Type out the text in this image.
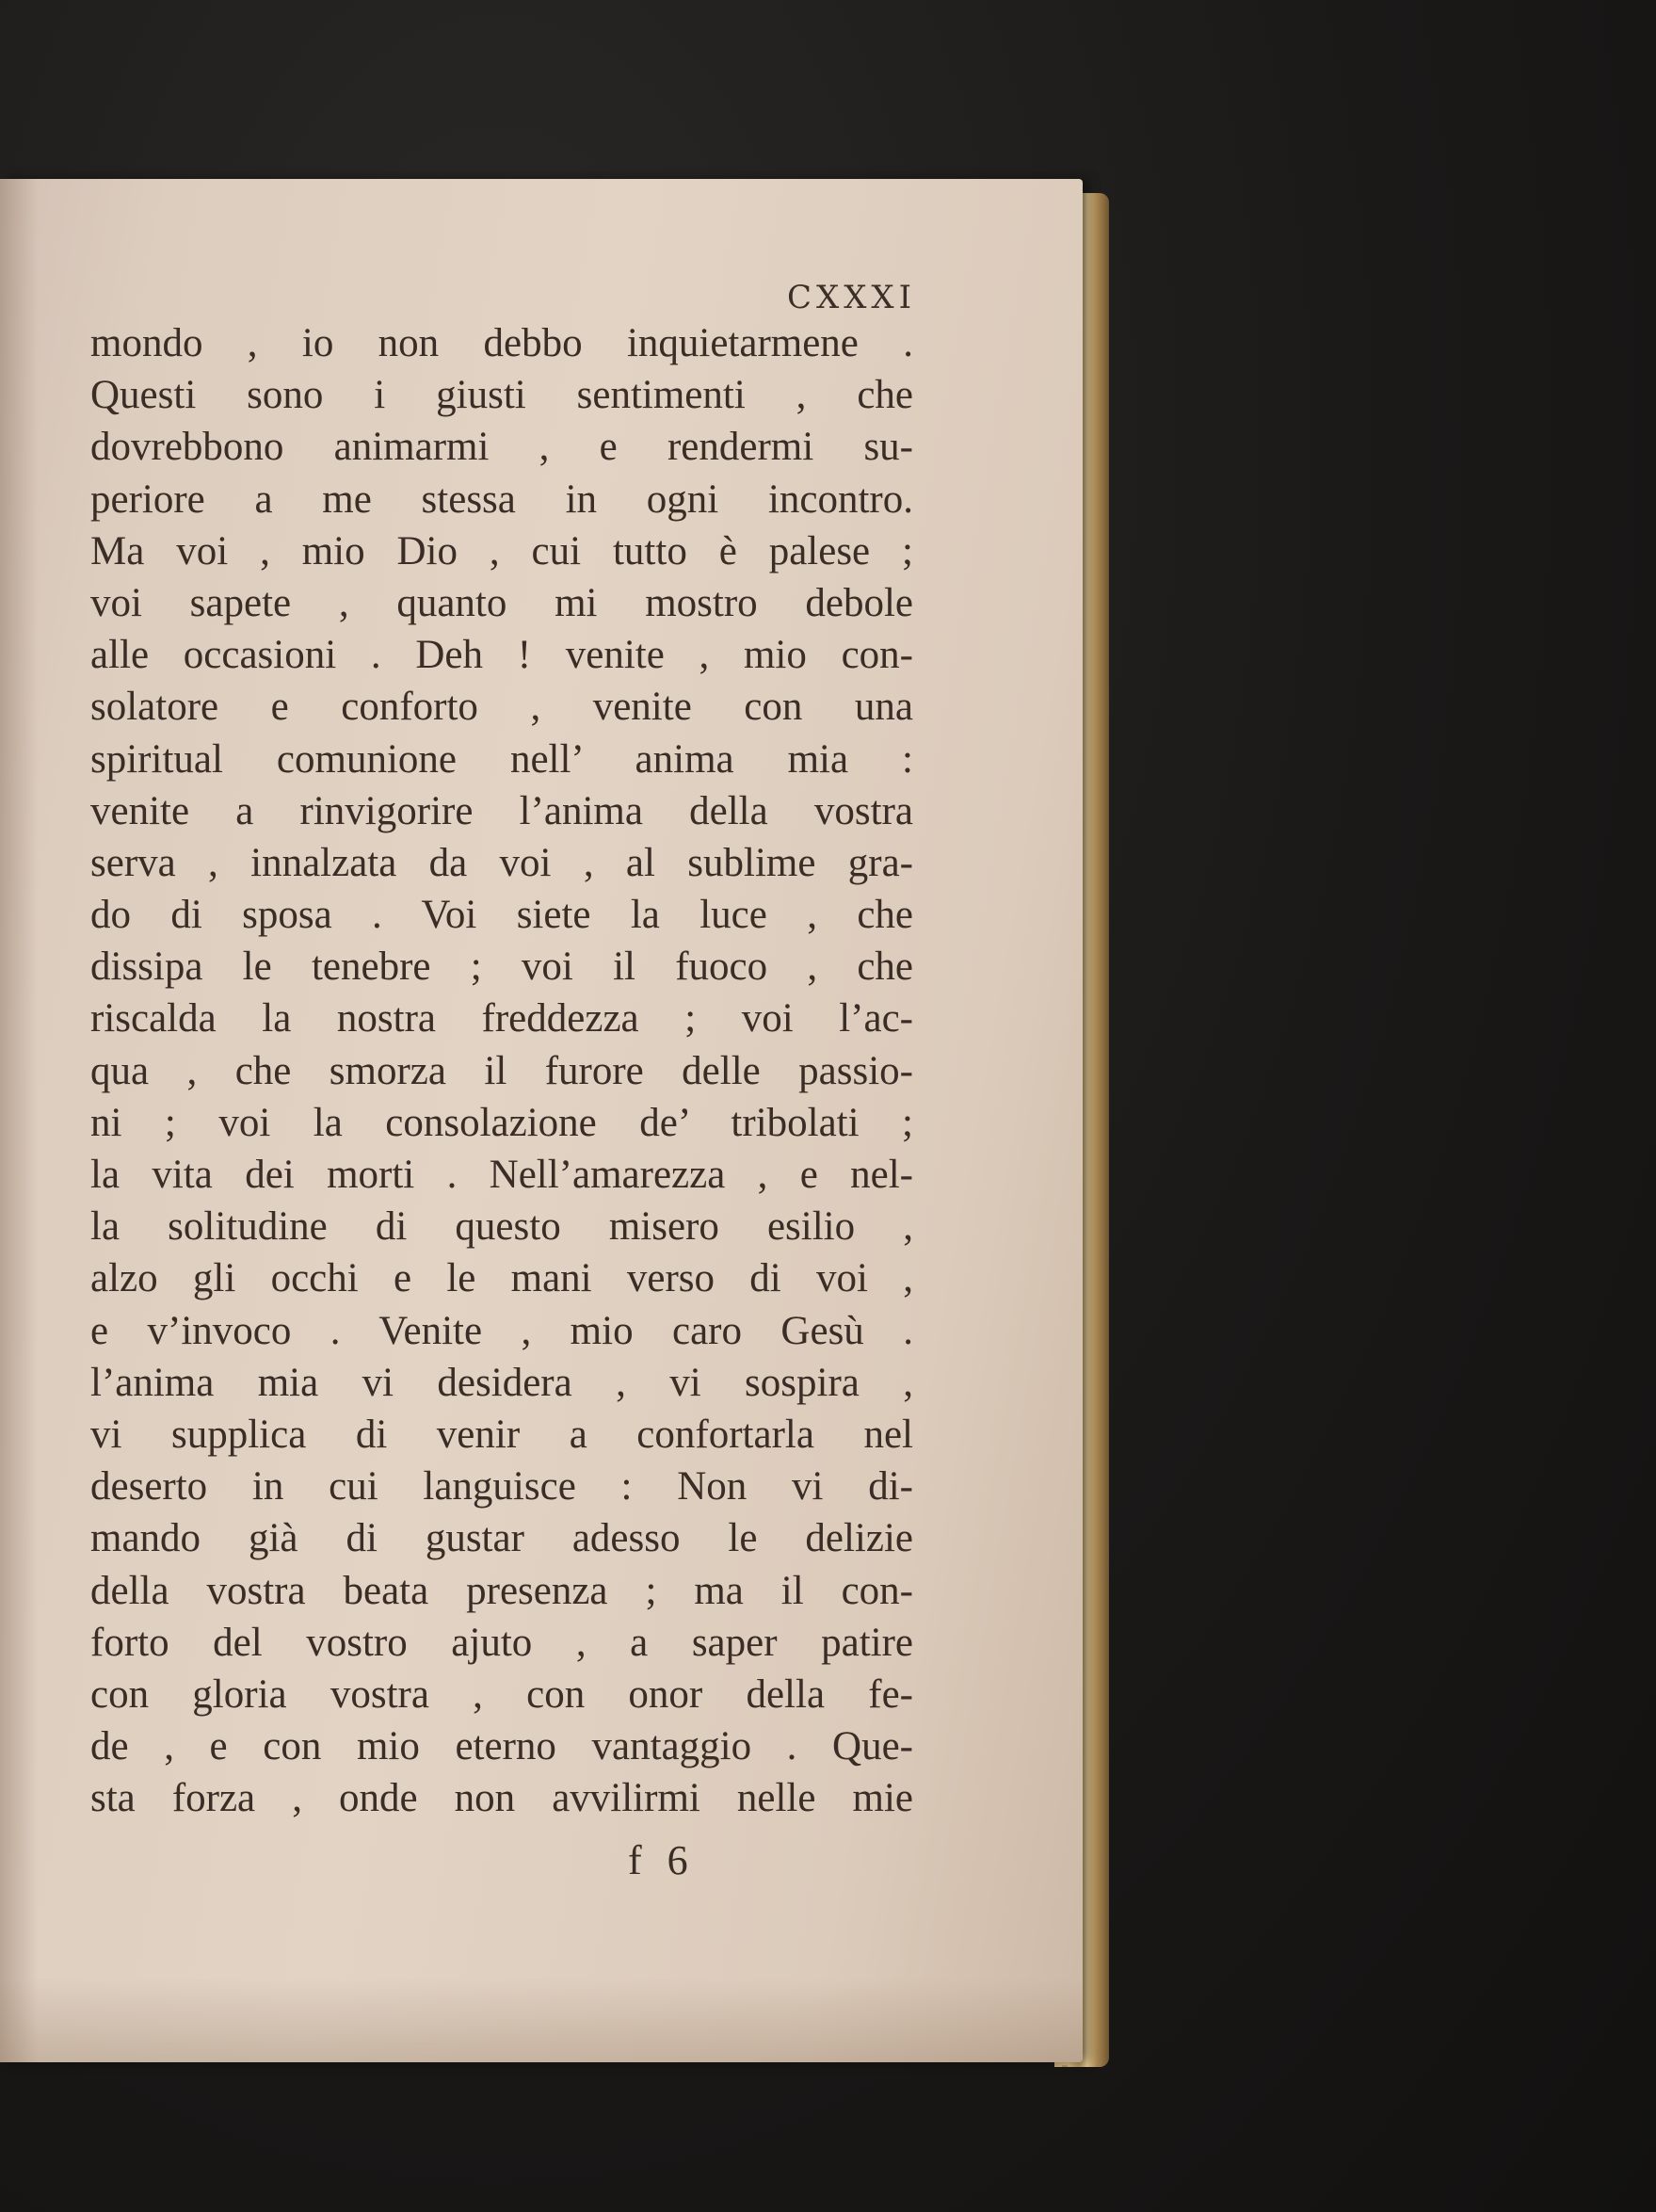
CXXXI
mondo , io non debbo inquietarmene .
Questi sono i giusti sentimenti , che
dovrebbono animarmi , e rendermi su-
periore a me stessa in ogni incontro.
Ma voi , mio Dio , cui tutto è palese ;
voi sapete , quanto mi mostro debole
alle occasioni . Deh ! venite , mio con-
solatore e conforto , venite con una
spiritual comunione nell’ anima mia :
venite a rinvigorire l’anima della vostra
serva , innalzata da voi , al sublime gra-
do di sposa . Voi siete la luce , che
dissipa le tenebre ; voi il fuoco , che
riscalda la nostra freddezza ; voi l’ac-
qua , che smorza il furore delle passio-
ni ; voi la consolazione de’ tribolati ;
la vita dei morti . Nell’amarezza , e nel-
la solitudine di questo misero esilio ,
alzo gli occhi e le mani verso di voi ,
e v’invoco . Venite , mio caro Gesù .
l’anima mia vi desidera , vi sospira ,
vi supplica di venir a confortarla nel
deserto in cui languisce : Non vi di-
mando già di gustar adesso le delizie
della vostra beata presenza ; ma il con-
forto del vostro ajuto , a saper patire
con gloria vostra , con onor della fe-
de , e con mio eterno vantaggio . Que-
sta forza , onde non avvilirmi nelle mie
f 6
